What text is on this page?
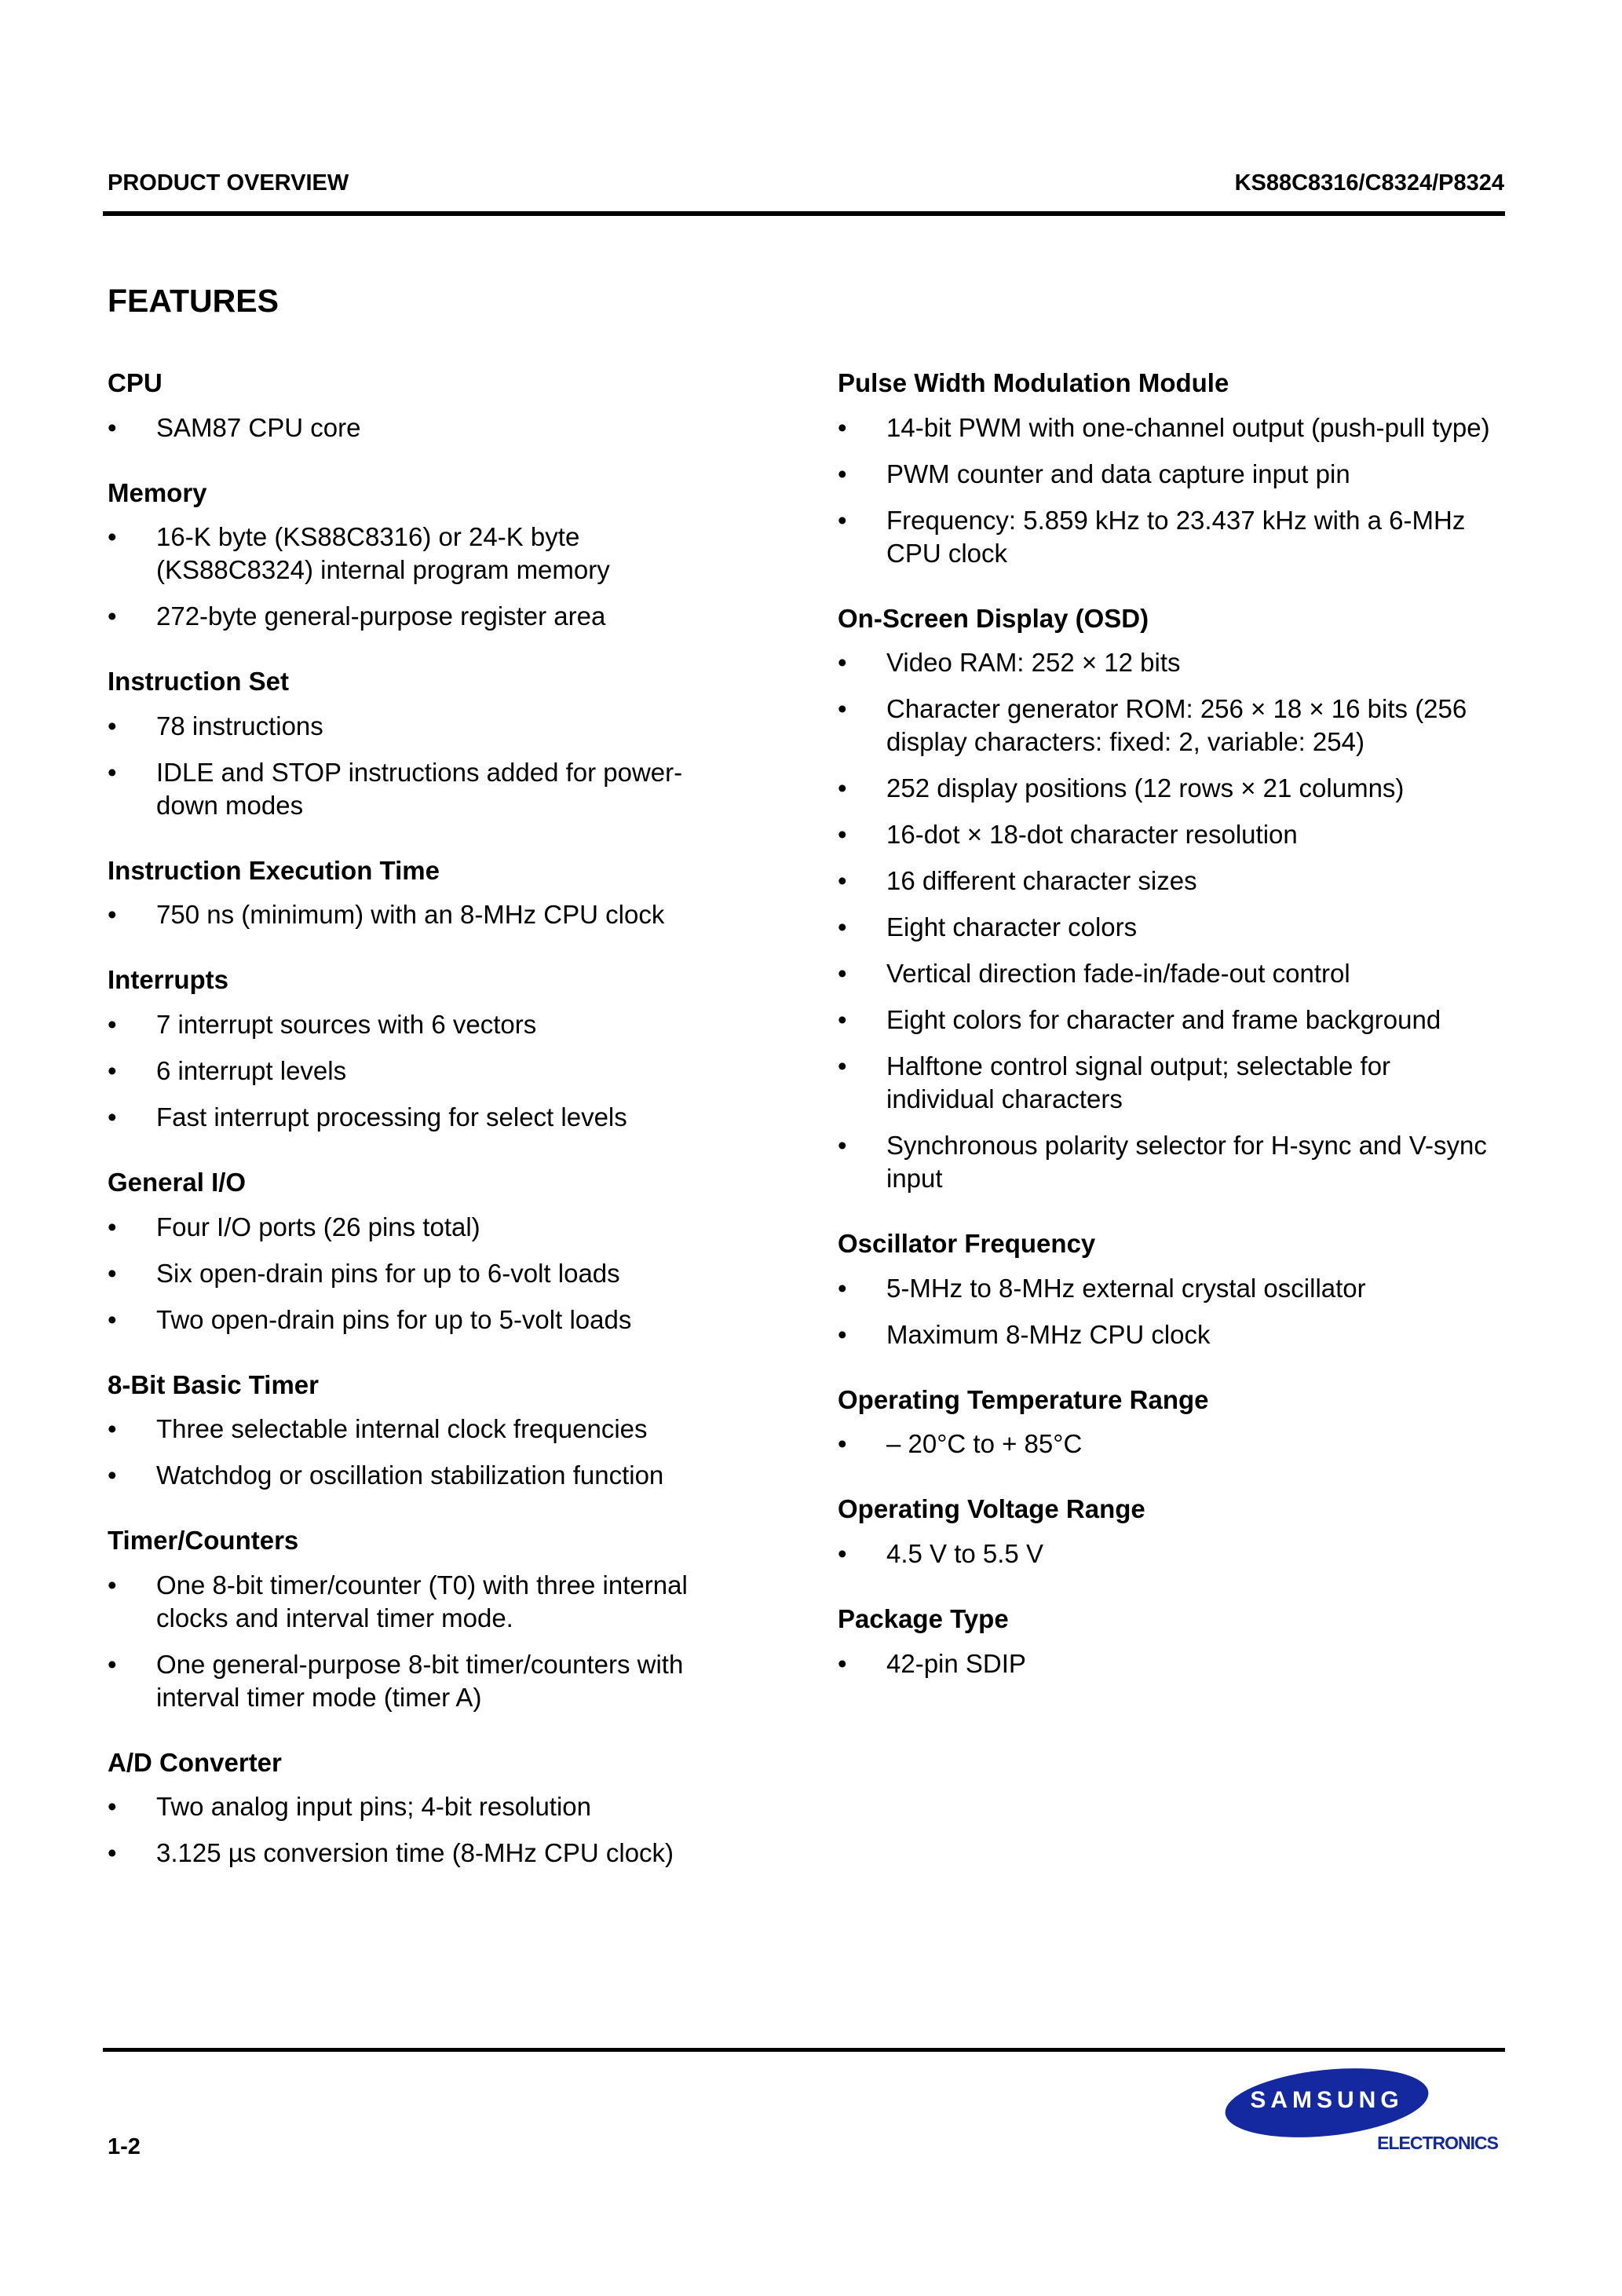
PRODUCT OVERVIEW	KS88C8316/C8324/P8324
FEATURES
CPU
• SAM87 CPU core
Memory
• 16-K byte (KS88C8316) or 24-K byte (KS88C8324) internal program memory
• 272-byte general-purpose register area
Instruction Set
• 78 instructions
• IDLE and STOP instructions added for power-down modes
Instruction Execution Time
• 750 ns (minimum) with an 8-MHz CPU clock
Interrupts
• 7 interrupt sources with 6 vectors
• 6 interrupt levels
• Fast interrupt processing for select levels
General I/O
• Four I/O ports (26 pins total)
• Six open-drain pins for up to 6-volt loads
• Two open-drain pins for up to 5-volt loads
8-Bit Basic Timer
• Three selectable internal clock frequencies
• Watchdog or oscillation stabilization function
Timer/Counters
• One 8-bit timer/counter (T0) with three internal clocks and interval timer mode.
• One general-purpose 8-bit timer/counters with interval timer mode (timer A)
A/D Converter
• Two analog input pins; 4-bit resolution
• 3.125 µs conversion time (8-MHz CPU clock)
Pulse Width Modulation Module
• 14-bit PWM with one-channel output (push-pull type)
• PWM counter and data capture input pin
• Frequency: 5.859 kHz to 23.437 kHz with a 6-MHz CPU clock
On-Screen Display (OSD)
• Video RAM: 252 × 12 bits
• Character generator ROM: 256 × 18 × 16 bits (256 display characters: fixed: 2, variable: 254)
• 252 display positions (12 rows × 21 columns)
• 16-dot × 18-dot character resolution
• 16 different character sizes
• Eight character colors
• Vertical direction fade-in/fade-out control
• Eight colors for character and frame background
• Halftone control signal output; selectable for individual characters
• Synchronous polarity selector for H-sync and V-sync input
Oscillator Frequency
• 5-MHz to 8-MHz external crystal oscillator
• Maximum 8-MHz CPU clock
Operating Temperature Range
• – 20°C to + 85°C
Operating Voltage Range
• 4.5 V to 5.5 V
Package Type
• 42-pin SDIP
1-2
SAMSUNG
ELECTRONICS
